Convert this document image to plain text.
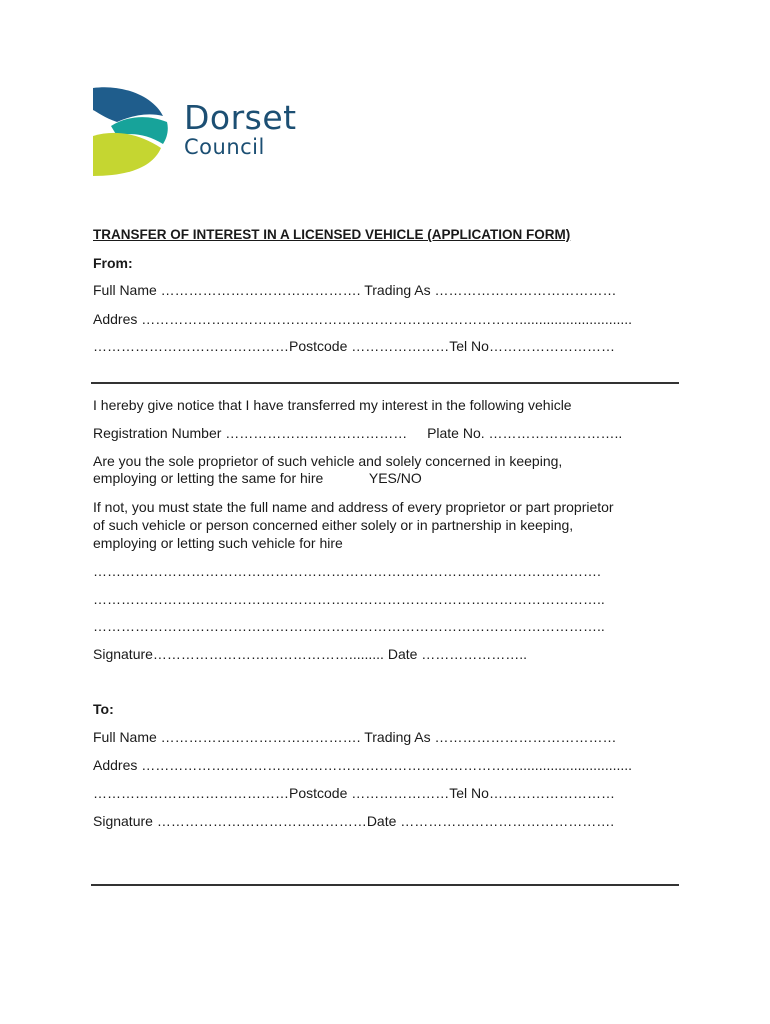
Dorset
Council
TRANSFER OF INTEREST IN A LICENSED VEHICLE (APPLICATION FORM)
From:
Full Name ……………………………………. Trading As …………………………………
Addres ……………………………………………………………………….............................
……………………………………Postcode …………………Tel No………………………
I hereby give notice that I have transferred my interest in the following vehicle
Registration Number ………………………………… Plate No. ………………………..
Are you the sole proprietor of such vehicle and solely concerned in keeping,
employing or letting the same for hire	YES/NO
If not, you must state the full name and address of every proprietor or part proprietor
of such vehicle or person concerned either solely or in partnership in keeping,
employing or letting such vehicle for hire
……………………………………………………………………………………………….
………………………………………………………………………………………………..
………………………………………………………………………………………………..
Signature……………………………………......... Date …………………..
To:
Full Name ……………………………………. Trading As …………………………………
Addres ……………………………………………………………………….............................
……………………………………Postcode …………………Tel No………………………
Signature ………………………………………Date ……………………………………….
